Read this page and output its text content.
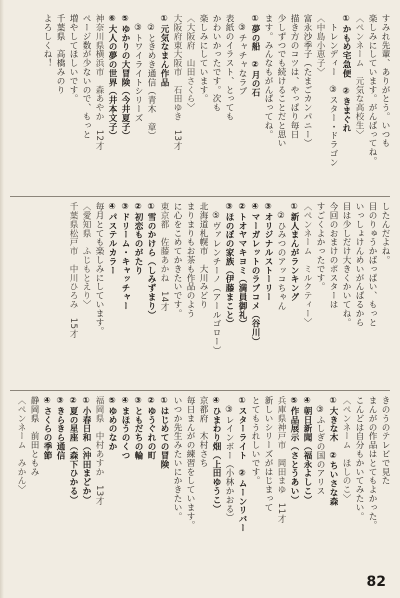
すみれ先輩、ありがとう。いつも
楽しみにしています。がんばってね。
〈ペンネーム　元気な高校生〉
①かもめ宅急便　②きまぐれ
　トレンディー　③スター・ドラゴン
〈中島小恵子〉
富永沙季子（たまごカンパニー）
描き方のコツは、やっぱり毎日
少しずつでも続けることだと思い
ます。みんなもがんばってね。
①夢の船　②月の石
　③チャチャなラブ
表紙のイラスト、とっても
かわいかったです。次も
楽しみにしています。
〈大阪府　山田さくら〉
大阪府東大阪市　石田ゆき　13才
①元気なまん作品
　②ときめき通信（青木　章）
　③トワイライトシリーズ
⑤ゆかりの大冒険（今井夏子）
⑥大人の夢の世界（井本文子）
神奈川県横浜市　森あやか　12才
ページ数が少ないので、もっと
増やしてほしいです。
千葉県　高橋みのり
よろしくね！
したんだよね。
目のりゅうかばっぱい、もっと
いっしょけんめいがんばるから
目は少しだけ大きくかいてね。
今回のおまけのポスターは
すごくよかったです。
〈ペンネーム　ミルクティー〉
①新人まんがランキング
　②ひみつのアッコちゃん
③オリジナルストーリー
④マーガレットのラブコメ（谷川）
②トオヤマキヨミ（満員御礼）
③ほのぼの家族（伊藤まこと）
　⑤ヴァレンチーノ（アールゴロー）
北海道札幌市　大川みどり
まりまりもお茶も作品のよう
に心をこめてかきたいです。
東京都　佐藤あかね　14才
①雪のかけら（しみずまり）
②初恋ものがたり
③ドリーム・キャッチャー
④パステルカラー
毎月とても楽しみにしています。
〈愛知県　ふじもとえり〉
千葉県松戸市　中川ひろみ　15才
きのうのテレビで見た
まんがの作品はとてもよかった。
こんどは自分もかいてみたい。
〈ペンネーム　ほしのこ〉
①大きな木　②ちいさな森
　③ふしぎの国のアリス
④朝日新聞（福永よしこ）
⑤作品展示（さとうあい）
兵庫県神戸市　岡田まゆ　11才
新しいシリーズがはじまって
とてもうれしいです。
①スターライト　②ムーンリバー
　③レインボー（小林かおる）
④ひまわり畑（上田ゆうこ）
京都府　木村さち
毎日まんがの練習をしています。
いつか先生みたいにかきたい。
①はじめての冒険
②ゆうぐれの町
③ともだちの輪
④まほうのくつ
⑤ゆめのなか
福岡県　中村あすか　13才
①小春日和（沖田まどか）
②夏の星座（森下ひかる）
③きらきら通信
④さくらの季節
静岡県　前田ともみ
〈ペンネーム　みかん〉
82
